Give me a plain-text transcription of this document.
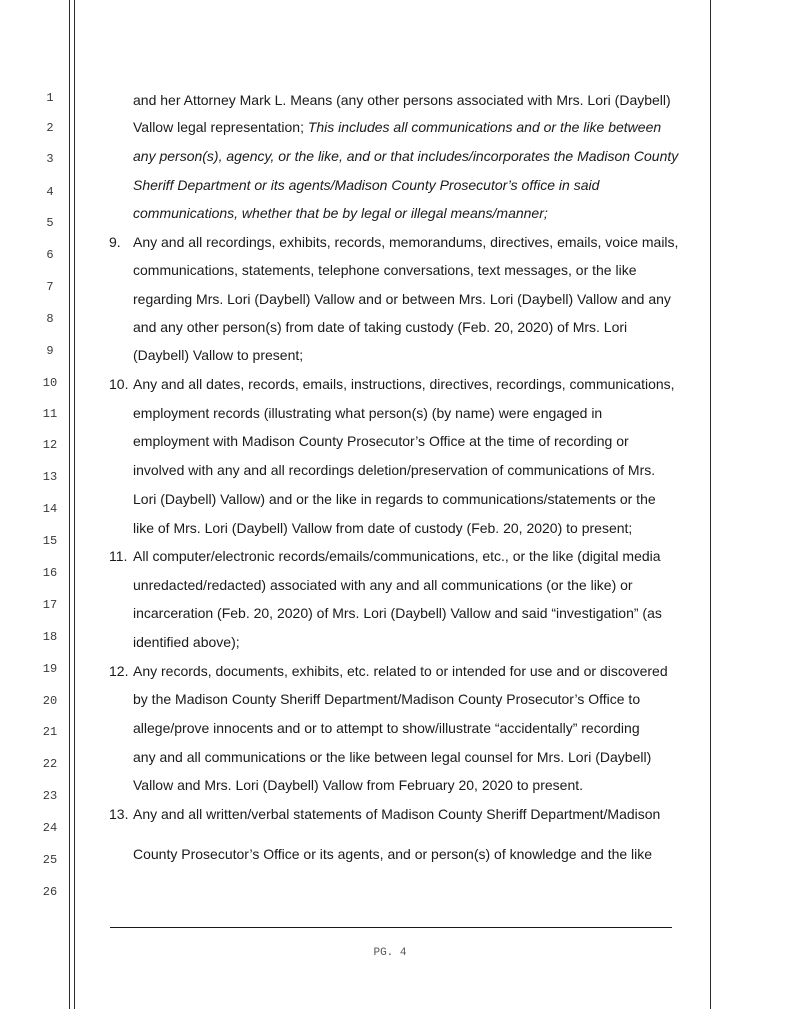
1
2
3
4
5
6
7
8
9
10
11
12
13
14
15
16
17
18
19
20
21
22
23
24
25
26
and her Attorney Mark L. Means (any other persons associated with Mrs. Lori (Daybell)
Vallow legal representation; This includes all communications and or the like between
any person(s), agency, or the like, and or that includes/incorporates the Madison County
Sheriff Department or its agents/Madison County Prosecutor’s office in said
communications, whether that be by legal or illegal means/manner;
9. Any and all recordings, exhibits, records, memorandums, directives, emails, voice mails,
communications, statements, telephone conversations, text messages, or the like
regarding Mrs. Lori (Daybell) Vallow and or between Mrs. Lori (Daybell) Vallow and any
and any other person(s) from date of taking custody (Feb. 20, 2020) of Mrs. Lori
(Daybell) Vallow to present;
10. Any and all dates, records, emails, instructions, directives, recordings, communications,
employment records (illustrating what person(s) (by name) were engaged in
employment with Madison County Prosecutor’s Office at the time of recording or
involved with any and all recordings deletion/preservation of communications of Mrs.
Lori (Daybell) Vallow) and or the like in regards to communications/statements or the
like of Mrs. Lori (Daybell) Vallow from date of custody (Feb. 20, 2020) to present;
11. All computer/electronic records/emails/communications, etc., or the like (digital media
unredacted/redacted) associated with any and all communications (or the like) or
incarceration (Feb. 20, 2020) of Mrs. Lori (Daybell) Vallow and said “investigation” (as
identified above);
12. Any records, documents, exhibits, etc. related to or intended for use and or discovered
by the Madison County Sheriff Department/Madison County Prosecutor’s Office to
allege/prove innocents and or to attempt to show/illustrate “accidentally” recording
any and all communications or the like between legal counsel for Mrs. Lori (Daybell)
Vallow and Mrs. Lori (Daybell) Vallow from February 20, 2020 to present.
13. Any and all written/verbal statements of Madison County Sheriff Department/Madison
County Prosecutor’s Office or its agents, and or person(s) of knowledge and the like
PG. 4
